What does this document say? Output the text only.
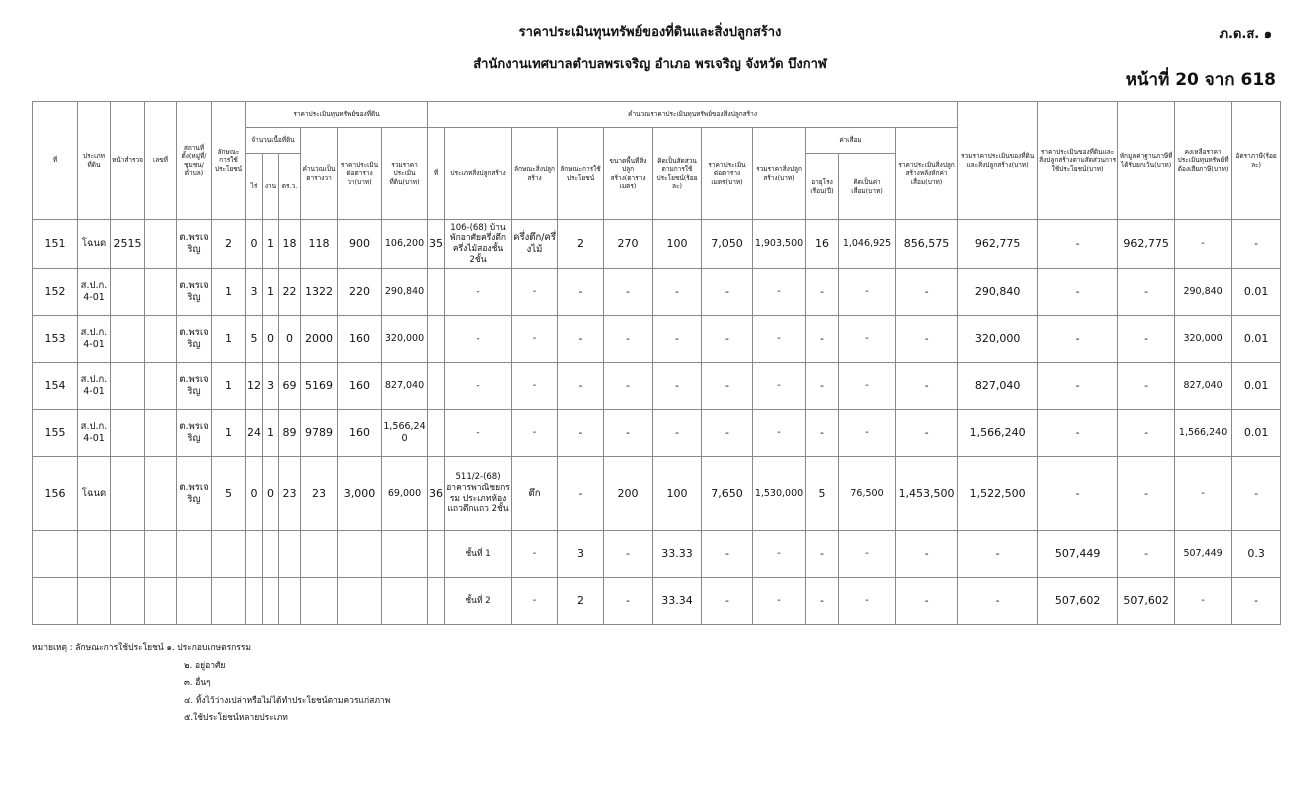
ราคาประเมินทุนทรัพย์ของที่ดินและสิ่งปลูกสร้าง
สำนักงานเทศบาลตำบลพรเจริญ อำเภอ พรเจริญ จังหวัด บึงกาฬ
ภ.ด.ส. ๑
หน้าที่ 20 จาก 618
ที่	ประเภทที่ดิน	หน้าสำรวจ	เลขที่	สถานที่ตั้ง(หมู่ที่/ชุมชน/ตำบล)	ลักษณะการใช้ประโยชน์	ราคาประเมินทุนทรัพย์ของที่ดิน						คำนวณราคาประเมินทุนทรัพย์ของสิ่งปลูกสร้าง											รวมราคาประเมินของที่ดินและสิ่งปลูกสร้าง(บาท)	ราคาประเมินของที่ดินและสิ่งปลูกสร้างตามสัดส่วนการใช้ประโยชน์(บาท)	หักมูลค่าฐานภาษีที่ได้รับยกเว้น(บาท)	คงเหลือราคาประเมินทุนทรัพย์ที่ต้องเสียภาษี(บาท)	อัตราภาษี(ร้อยละ)
						จำนวนเนื้อที่ดิน			คำนวณเป็นตารางวา	ราคาประเมินต่อตารางวา(บาท)	รวมราคาประเมินที่ดิน(บาท)	ที่	ประเภทสิ่งปลูกสร้าง	ลักษณะสิ่งปลูกสร้าง	ลักษณะการใช้ประโยชน์	ขนาดพื้นที่สิ่งปลูกสร้าง(ตารางเมตร)	คิดเป็นสัดส่วนตามการใช้ประโยชน์(ร้อยละ)	ราคาประเมินต่อตารางเมตร(บาท)	รวมราคาสิ่งปลูกสร้าง(บาท)	ค่าเสื่อม		ราคาประเมินสิ่งปลูกสร้างหลังหักค่าเสื่อม(บาท)					
						ไร่	งาน	ตร.ว.												อายุโรงเรือน(ปี)	คิดเป็นค่าเสื่อม(บาท)						
151	โฉนด	2515		ต.พรเจริญ	2	0	1	18	118	900	106,200	35	106-(68) บ้านพักอาศัยครึ่งตึกครึ่งไม้สองชั้น 2ชั้น	ครึ่งตึก/ครึ่งไม้	2	270	100	7,050	1,903,500	16	1,046,925	856,575	962,775	-	962,775	-	-
152	ส.ป.ก. 4-01			ต.พรเจริญ	1	3	1	22	1322	220	290,840		-	-	-	-	-	-	-	-	-	-	290,840	-	-	290,840	0.01
153	ส.ป.ก. 4-01			ต.พรเจริญ	1	5	0	0	2000	160	320,000		-	-	-	-	-	-	-	-	-	-	320,000	-	-	320,000	0.01
154	ส.ป.ก. 4-01			ต.พรเจริญ	1	12	3	69	5169	160	827,040		-	-	-	-	-	-	-	-	-	-	827,040	-	-	827,040	0.01
155	ส.ป.ก. 4-01			ต.พรเจริญ	1	24	1	89	9789	160	1,566,240		-	-	-	-	-	-	-	-	-	-	1,566,240	-	-	1,566,240	0.01
156	โฉนด			ต.พรเจริญ	5	0	0	23	23	3,000	69,000	36	511/2-(68) อาคารพาณิชยกรรม ประเภทห้องแถวตึกแถว 2ชั้น	ตึก	-	200	100	7,650	1,530,000	5	76,500	1,453,500	1,522,500	-	-	-	-
													ชั้นที่ 1	-	3	-	33.33	-	-	-	-	-	-	507,449	-	507,449	0.3
													ชั้นที่ 2	-	2	-	33.34	-	-	-	-	-	-	507,602	507,602	-	-
หมายเหตุ : ลักษณะการใช้ประโยชน์ ๑. ประกอบเกษตรกรรม
๒. อยู่อาศัย
๓. อื่นๆ
๔. ทิ้งไว้ว่างเปล่าหรือไม่ได้ทำประโยชน์ตามควรแก่สภาพ
๕.ใช้ประโยชน์หลายประเภท
